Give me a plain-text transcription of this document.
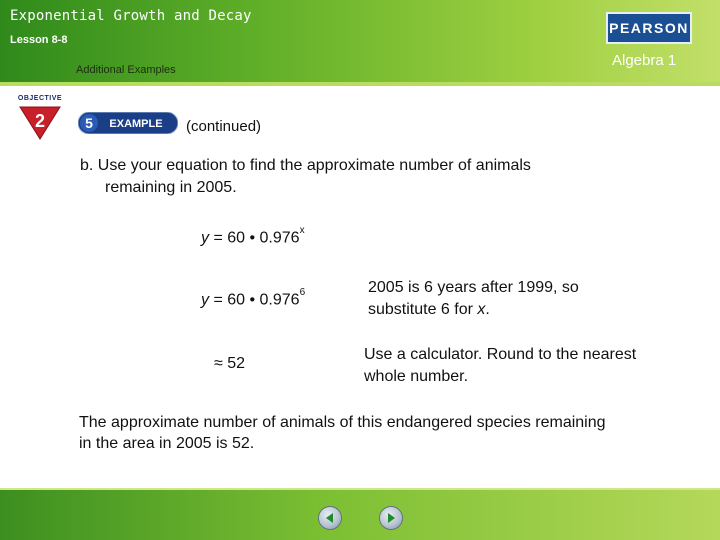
Exponential Growth and Decay
Lesson 8-8
Additional Examples
PEARSON
Algebra 1
OBJECTIVE
2	5 EXAMPLE (continued)
b. Use your equation to find the approximate number of animals
remaining in 2005.
y = 60 • 0.976$^x$
y = 60 • $0.976^6$
≈ 52
2005 is 6 years after 1999, so
substitute 6 for x.
Use a calculator. Round to the nearest
whole number.
The approximate number of animals of this endangered species remaining
in the area in 2005 is 52.
